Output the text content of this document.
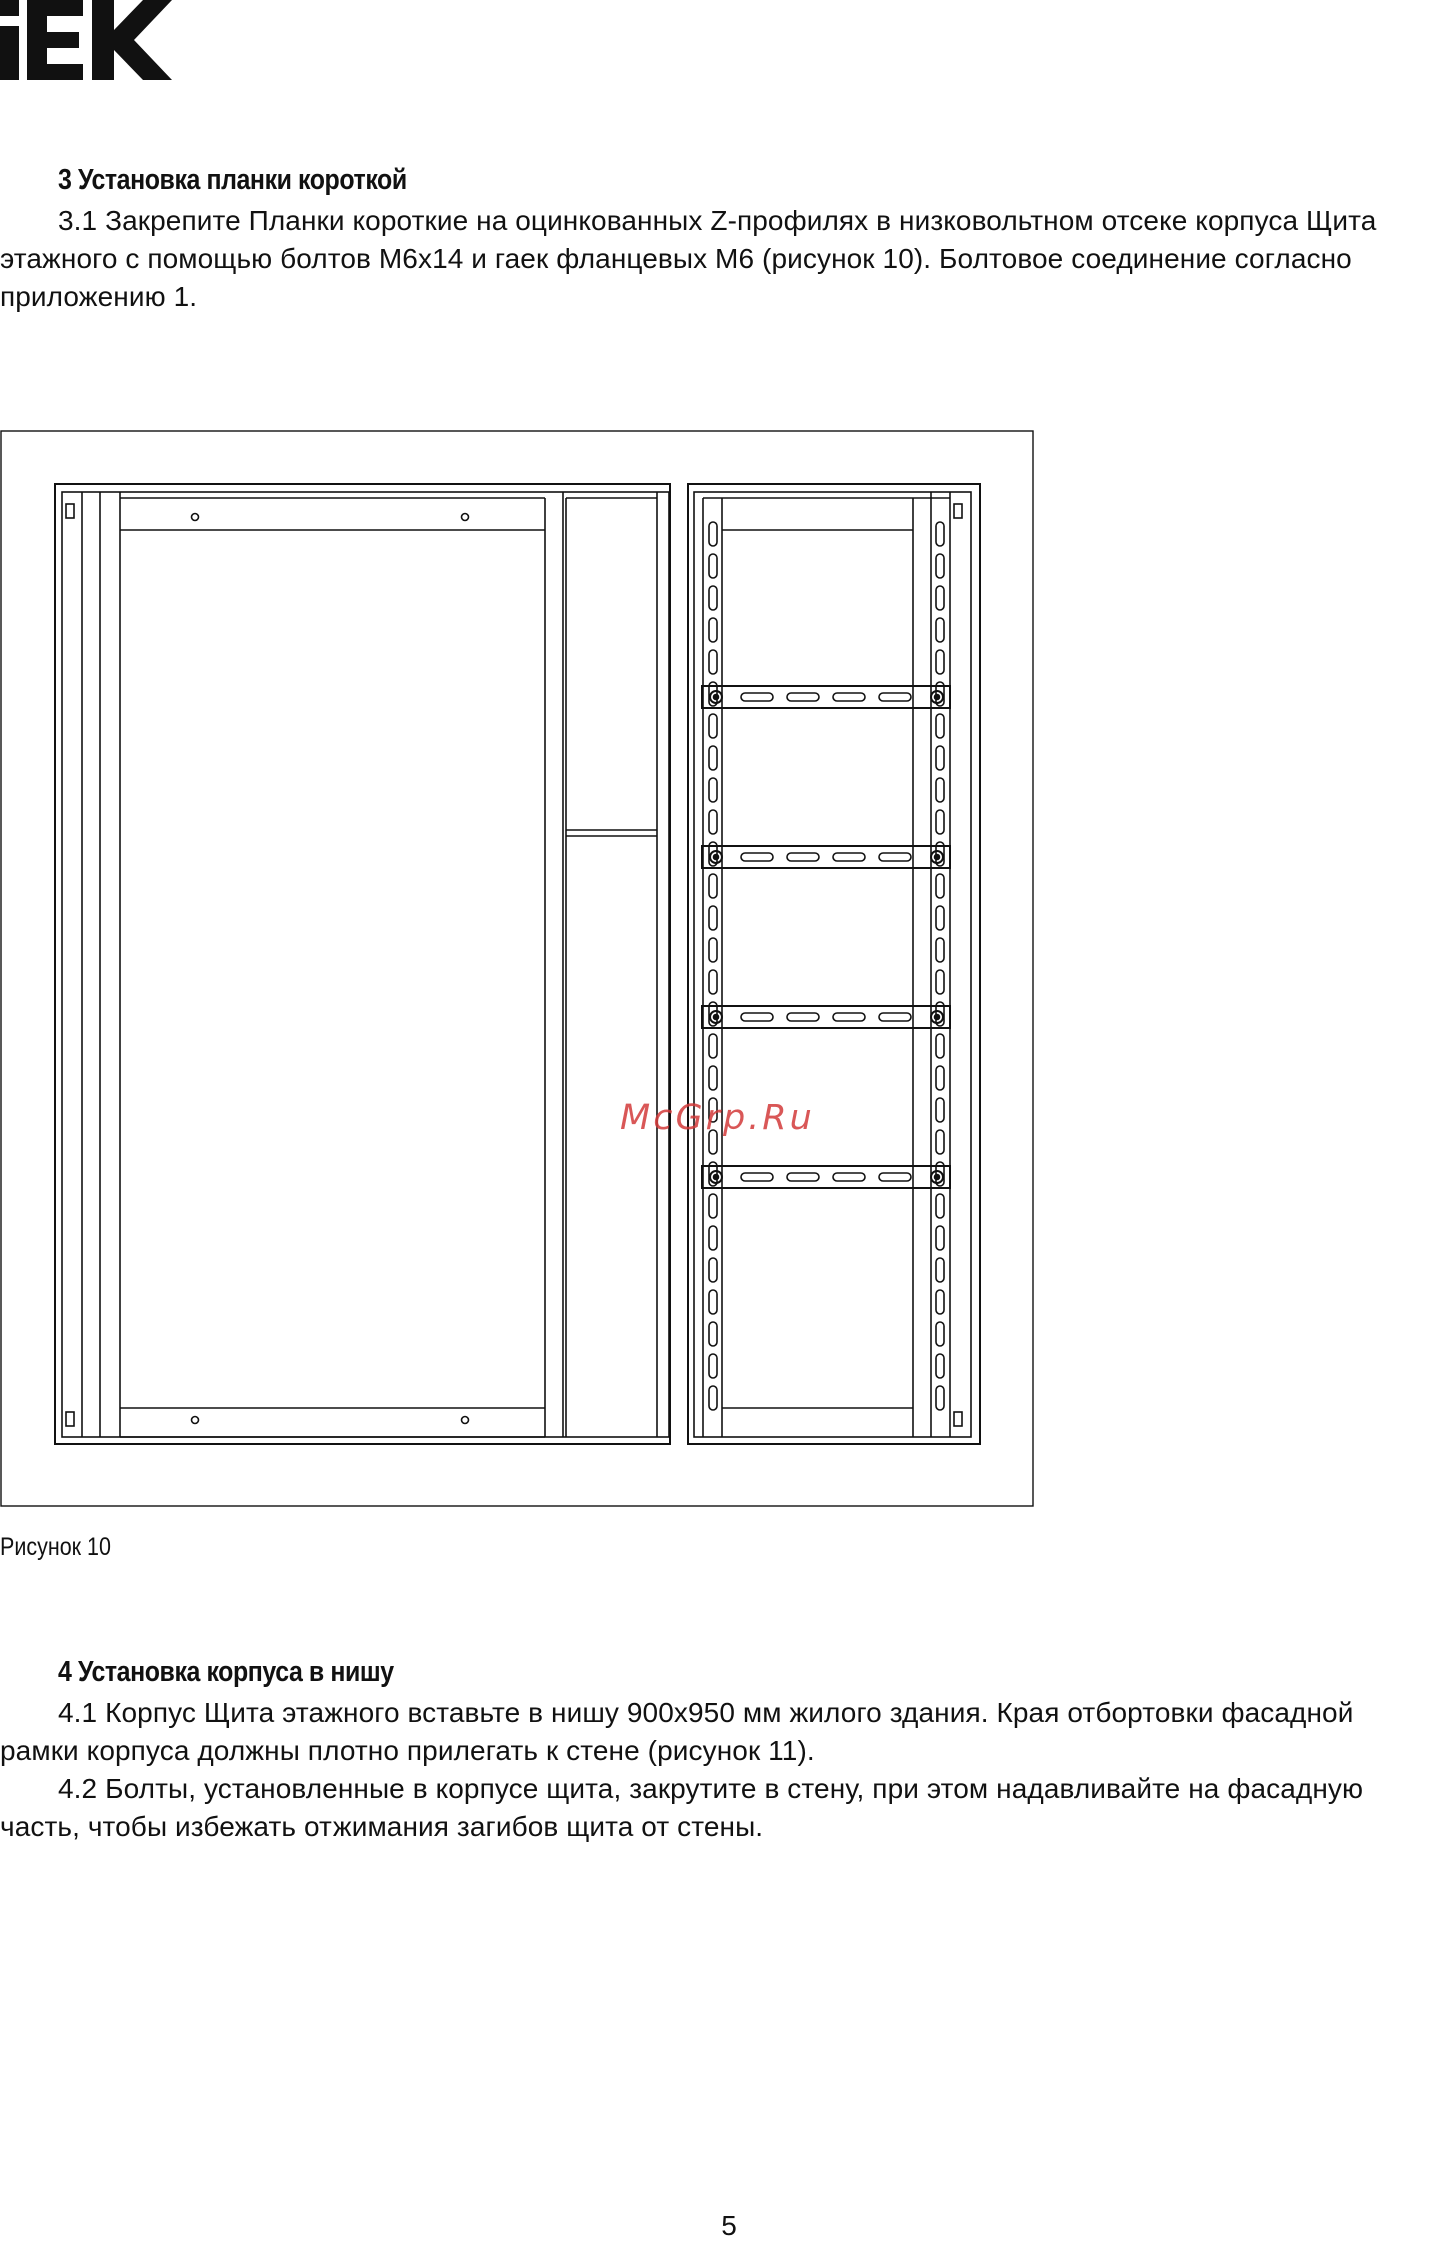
3 Установка планки короткой

3.1 Закрепите Планки короткие на оцинкованных Z-профилях в низковольтном отсеке корпуса Щита этажного с помощью болтов М6х14 и гаек фланцевых М6 (рисунок 10). Болтовое соединение согласно приложению 1.

McGrp.Ru
Рисунок 10
4 Установка корпуса в нишу

4.1 Корпус Щита этажного вставьте в нишу 900х950 мм жилого здания. Края отбортовки фасадной рамки корпуса должны плотно прилегать к стене (рисунок 11).

4.2 Болты, установленные в корпусе щита, закрутите в стену, при этом надавливайте на фасадную часть, чтобы избежать отжимания загибов щита от стены.

5
